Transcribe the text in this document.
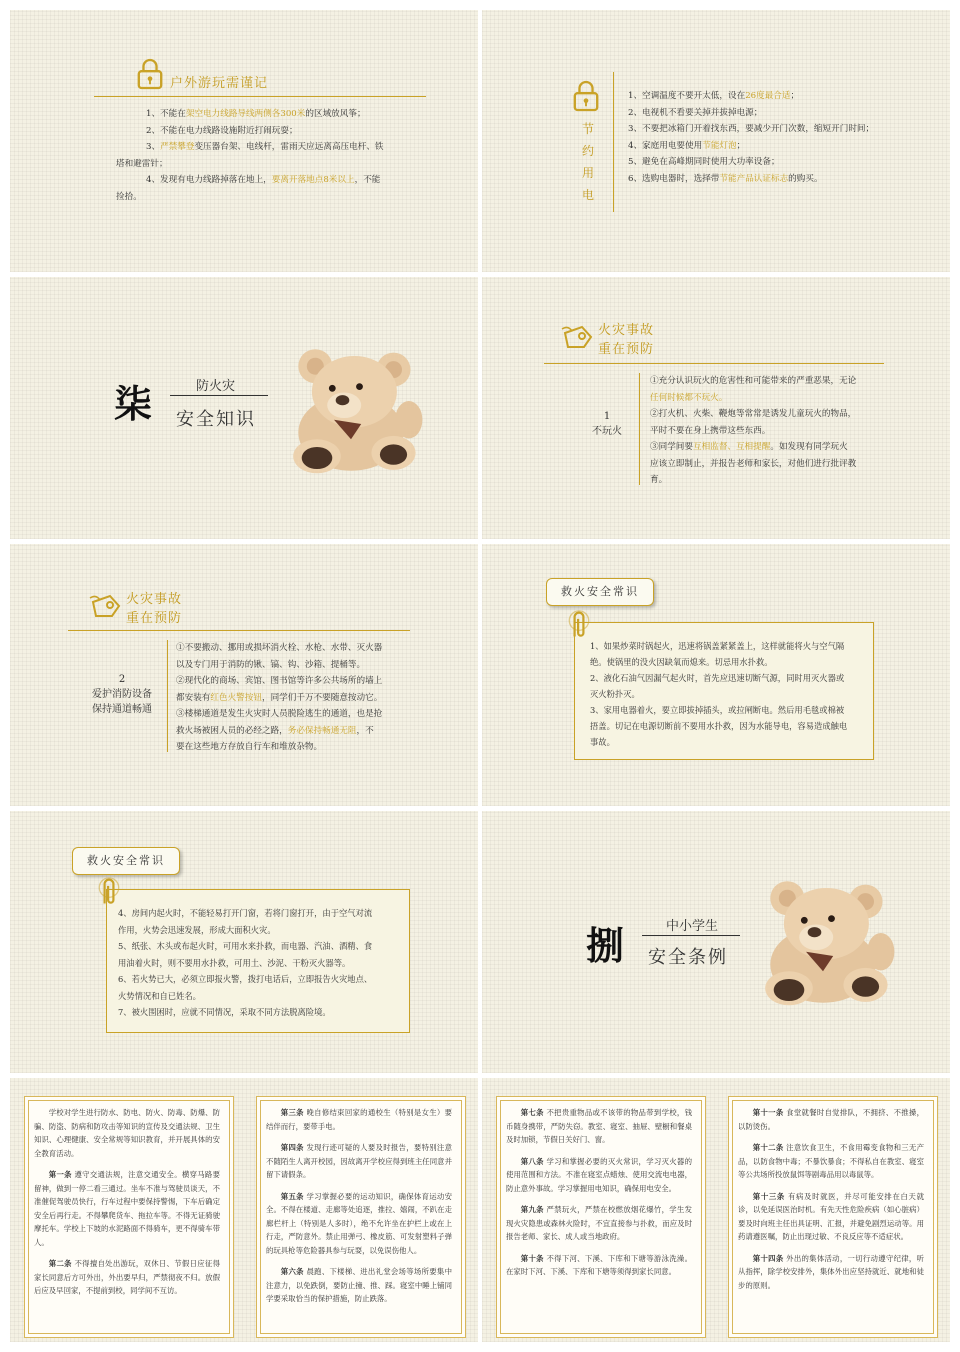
户外游玩需谨记
1、不能在架空电力线路导线两侧各300米的区域放风筝；
2、不能在电力线路设施附近打闹玩耍；
3、严禁攀登变压器台架、电线杆，雷雨天应远离高压电杆、铁
塔和避雷针；
4、发现有电力线路掉落在地上，要离开落地点8米以上，不能
捡拾。
节
约
用
电
1、空调温度不要开太低，设在26度最合适；
2、电视机不看要关掉并拔掉电源；
3、不要把冰箱门开着找东西，要减少开门次数，缩短开门时间；
4、家庭用电要使用节能灯泡；
5、避免在高峰期同时使用大功率设备；
6、选购电器时，选择带节能产品认证标志的购买。
柒	防火灾
安全知识
火灾事故
重在预防
1
不玩火
①充分认识玩火的危害性和可能带来的严重恶果，无论
任何时候都不玩火。
②打火机、火柴、鞭炮等常常是诱发儿童玩火的物品，
平时不要在身上携带这些东西。
③同学间要互相监督、互相提醒。如发现有同学玩火
应该立即制止，并报告老师和家长，对他们进行批评教
育。
火灾事故
重在预防
2
爱护消防设备
保持通道畅通
①不要搬动、挪用或损坏消火栓、水枪、水带、灭火器
以及专门用于消防的锹、镐、钩、沙箱、提桶等。
②现代化的商场、宾馆、图书馆等许多公共场所的墙上
都安装有红色火警按钮，同学们千万不要随意按动它。
③楼梯通道是发生火灾时人员脱险逃生的通道，也是抢
救火场被困人员的必经之路，务必保持畅通无阻，不
要在这些地方存放自行车和堆放杂物。
救火安全常识
1、如果炒菜时锅起火，迅速将锅盖紧紧盖上，这样就能将火与空气隔
绝。使锅里的没火因缺氧而熄来。切忌用水扑救。
2、液化石油气因漏气起火时，首先应迅速切断气源，同时用灭火器或
灭火粉扑灭。
3、家用电器着火，要立即拔掉插头，或拉闸断电。然后用毛毯或棉被
捂盖。切记在电源切断前不要用水扑救，因为水能导电，容易造成触电
事故。
救火安全常识
4、房间内起火时，不能轻易打开门窗，若将门窗打开，由于空气对流
作用，火势会迅速发展，形成大面积火灾。
5、纸张、木头或布起火时，可用水来扑救，而电器、汽油、酒精、食
用油着火时，则不要用水扑救，可用土、沙泥、干粉灭火器等。
6、若火势已大，必须立即报火警，拨打电话后，立即报告火灾地点、
火势情况和自已姓名。
7、被火围困时，应就不同情况，采取不同方法脱离险境。
捌	中小学生
安全条例

学校对学生进行防水、防电、防火、防毒、防爆、防骗、防盗、防病和防攻击等知识的宣传及交通法规、卫生知识、心理健康、安全常规等知识教育，并开展具体的安全教育活动。

第一条 遵守交通法规，注意交通安全。横穿马路要留神，做到一停二看三通过。坐车不准与驾驶员谈天，不准催促驾驶员快行，行车过程中要保持警惕，下车后确定安全后再行走。不得攀爬货车、拖拉车等。不得无证骑驶摩托车。学校上下坡的水泥路面不得骑车，更不得骑车带人。

第二条 不得擅自处出游玩，双休日、节假日应征得家长同意后方可外出，外出要早归，严禁彻夜不归。放假后应及早回家，不提前到校，同学间不互访。

第三条 晚自修结束回家的通校生（特别是女生）要结伴而行，要带手电。

第四条 发现行迹可疑的人要及时报告，要特别注意不随陌生人离开校园，因故离开学校应得到班主任同意并留下请假条。

第五条 学习掌握必要的运动知识，确保体育运动安全。不得在楼道、走廊等处追逐，推拉、嬉闹，不趴在走廊栏杆上（特别是人多时），绝不允许坐在护栏上或在上行走，严防意外。禁止用弹弓、橡皮筋、可发射塑料子弹的玩具枪等危险器具参与玩耍，以免误伤他人。

第六条 晨跑、下楼梯、进出礼堂会场等场所要集中注意力，以免跌倒，要防止撞、推、踩。寝室中睡上铺同学要采取恰当的保护措施，防止跌落。

第七条 不把贵重物品或不该带的物品带到学校，钱币随身携带，严防失窃。教室、寝室、抽屉、壁橱和餐桌及时加锁，节假日关好门、窗。

第八条 学习和掌握必要的灭火常识，学习灭火器的使用范围和方法。不准在寝室点蜡烛、使用交流电电器，防止意外事故。学习掌握用电知识，确保用电安全。

第九条 严禁玩火，严禁在校燃放烟花爆竹，学生发现火灾隐患或森林火险时，不宜直接参与扑救，而应及时报告老师、家长、成人或当地政府。

第十条 不得下河、下溪、下库和下塘等游泳洗澡。在家时下河、下溪、下库和下塘等须得到家长同意。

第十一条 食堂就餐时自觉排队，不拥挤、不推搡，以防烫伤。

第十二条 注意饮食卫生，不食用霉变食物和三无产品，以防食物中毒；不暴饮暴食；不得私自在教室、寝室等公共场所投放鼠饵等剧毒品用以毒鼠等。

第十三条 有病及时就医，并尽可能安排在白天就诊，以免延误医治时机。有先天性危险疾病（如心脏病）要及时向班主任出具证明、汇报，并避免剧烈运动等。用药请遵医嘱，防止出现过敏、不良反应等不适症状。

第十四条 外出的集体活动，一切行动遵守纪律，听从指挥，除学校安排外，集体外出应坚持就近、就地和徒步的原则。
